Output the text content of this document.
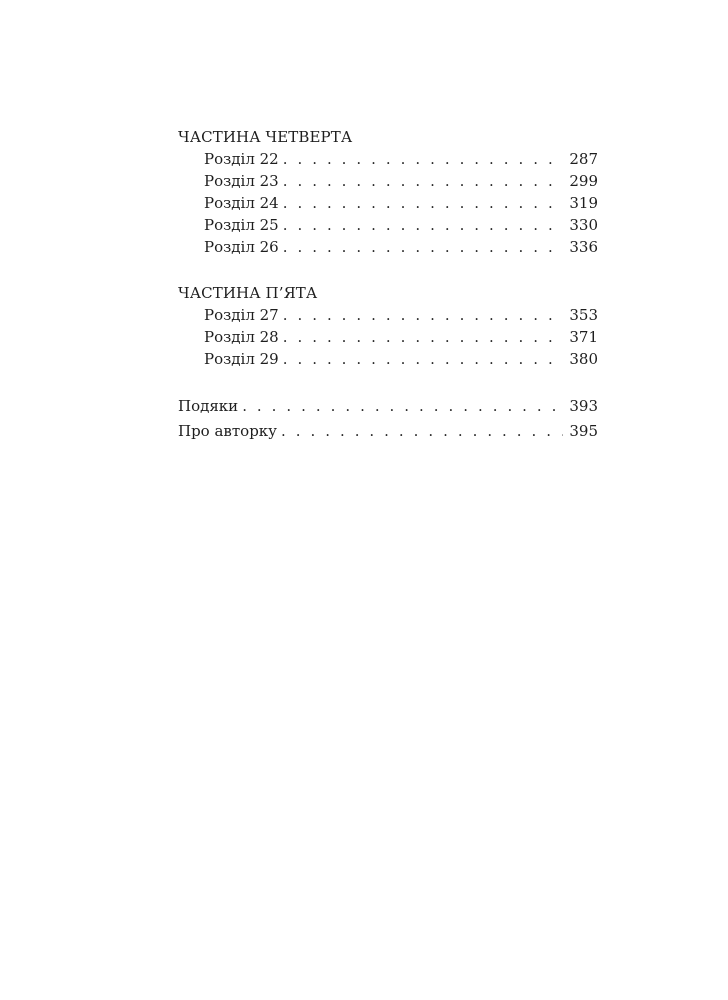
ЧАСТИНА ЧЕТВЕРТА
Розділ 22 . . .	287
Розділ 23 . . .	299
Розділ 24 . . .	319
Розділ 25 . . .	330
Розділ 26 . . .	336
ЧАСТИНА П’ЯТА
Розділ 27 . . .	353
Розділ 28 . . .	371
Розділ 29 . . .	380
Подяки . . .	393
Про авторку . . .	395
